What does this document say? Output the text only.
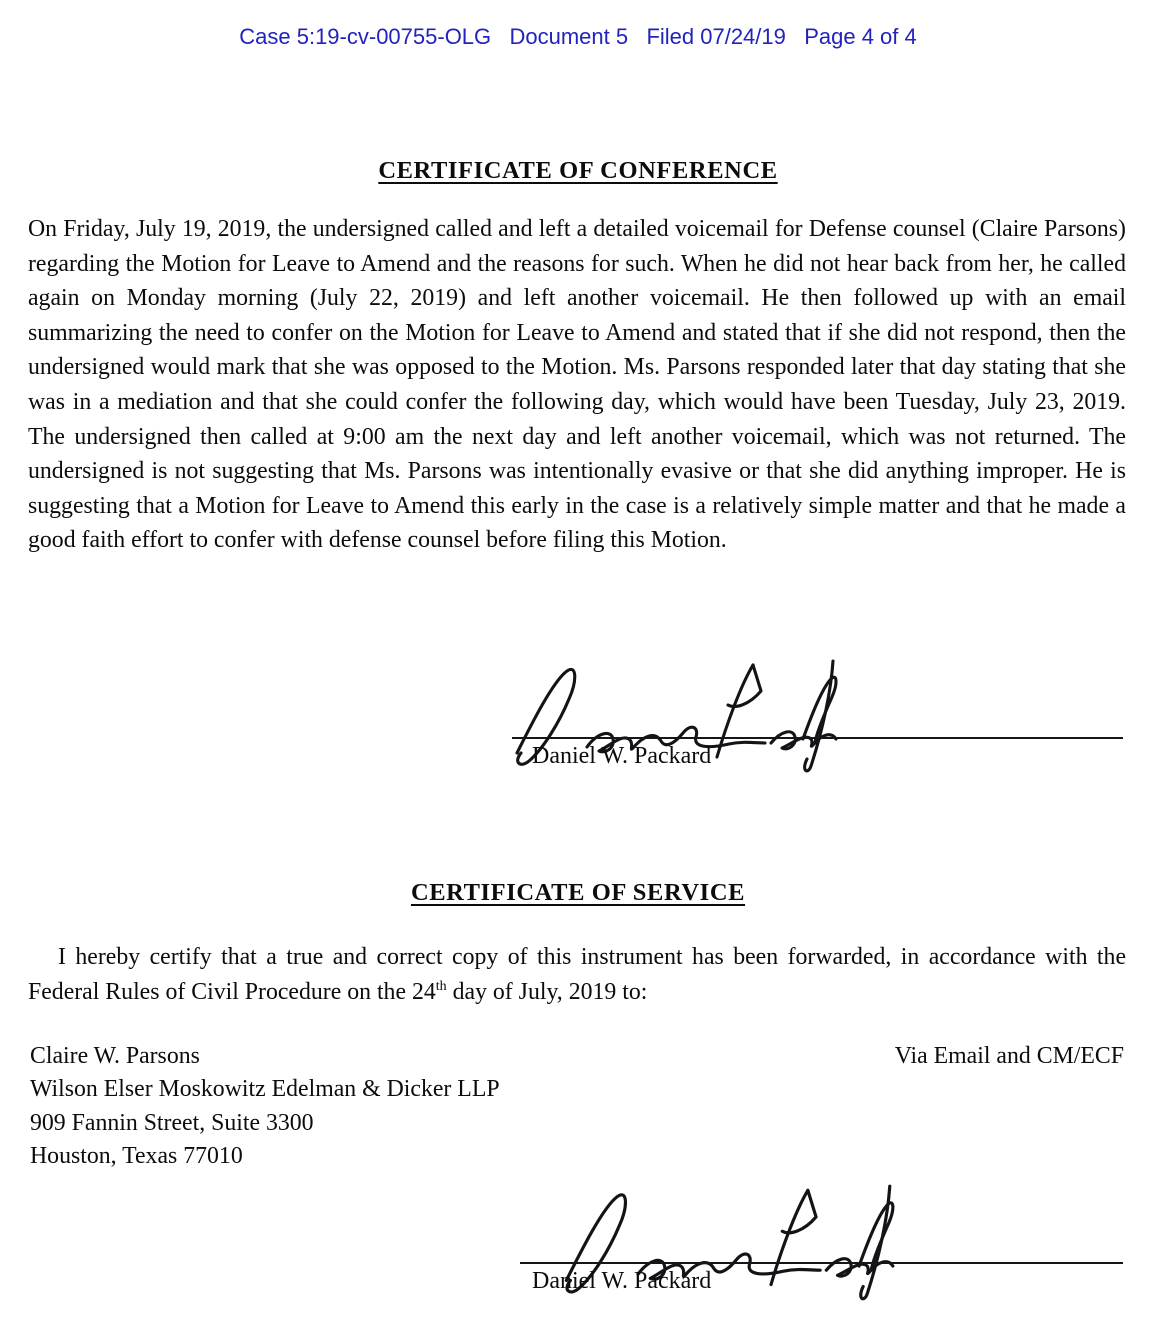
Case 5:19-cv-00755-OLG   Document 5   Filed 07/24/19   Page 4 of 4
CERTIFICATE OF CONFERENCE
On Friday, July 19, 2019, the undersigned called and left a detailed voicemail for Defense counsel (Claire Parsons) regarding the Motion for Leave to Amend and the reasons for such. When he did not hear back from her, he called again on Monday morning (July 22, 2019) and left another voicemail. He then followed up with an email summarizing the need to confer on the Motion for Leave to Amend and stated that if she did not respond, then the undersigned would mark that she was opposed to the Motion. Ms. Parsons responded later that day stating that she was in a mediation and that she could confer the following day, which would have been Tuesday, July 23, 2019. The undersigned then called at 9:00 am the next day and left another voicemail, which was not returned. The undersigned is not suggesting that Ms. Parsons was intentionally evasive or that she did anything improper. He is suggesting that a Motion for Leave to Amend this early in the case is a relatively simple matter and that he made a good faith effort to confer with defense counsel before filing this Motion.
Daniel W. Packard
CERTIFICATE OF SERVICE
I hereby certify that a true and correct copy of this instrument has been forwarded, in accordance with the Federal Rules of Civil Procedure on the 24th day of July, 2019 to:
Claire W. Parsons
Wilson Elser Moskowitz Edelman & Dicker LLP
909 Fannin Street, Suite 3300
Houston, Texas 77010
Via Email and CM/ECF
Daniel W. Packard
